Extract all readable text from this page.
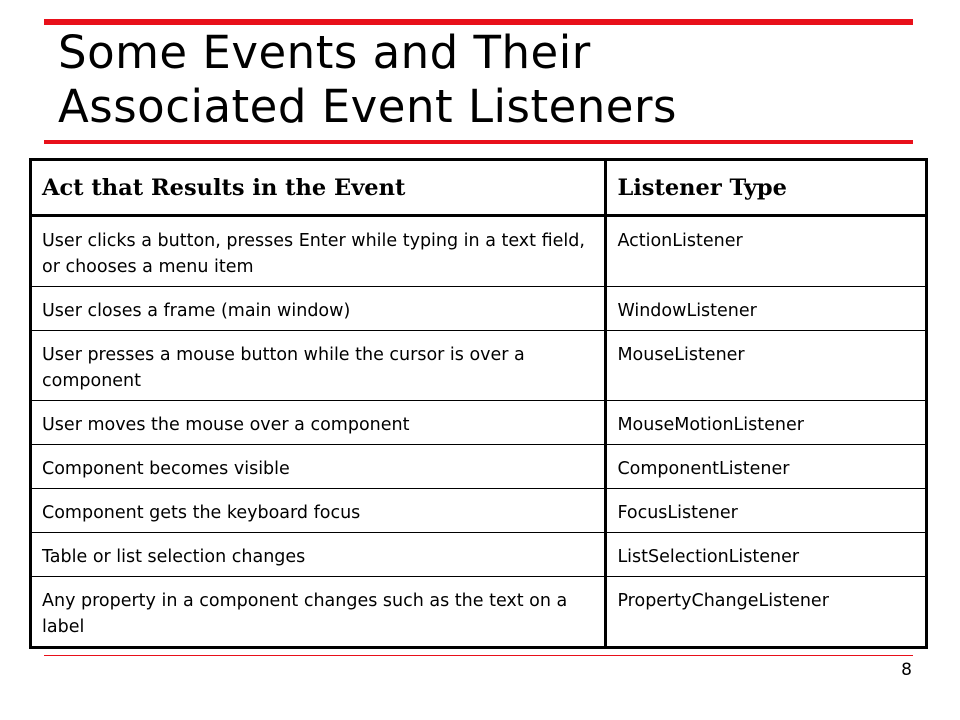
Some Events and Their
Associated Event Listeners
Act that Results in the Event	Listener Type
User clicks a button, presses Enter while typing in a text field, or chooses a menu item	ActionListener
User closes a frame (main window)	WindowListener
User presses a mouse button while the cursor is over a component	MouseListener
User moves the mouse over a component	MouseMotionListener
Component becomes visible	ComponentListener
Component gets the keyboard focus	FocusListener
Table or list selection changes	ListSelectionListener
Any property in a component changes such as the text on a label	PropertyChangeListener
8
